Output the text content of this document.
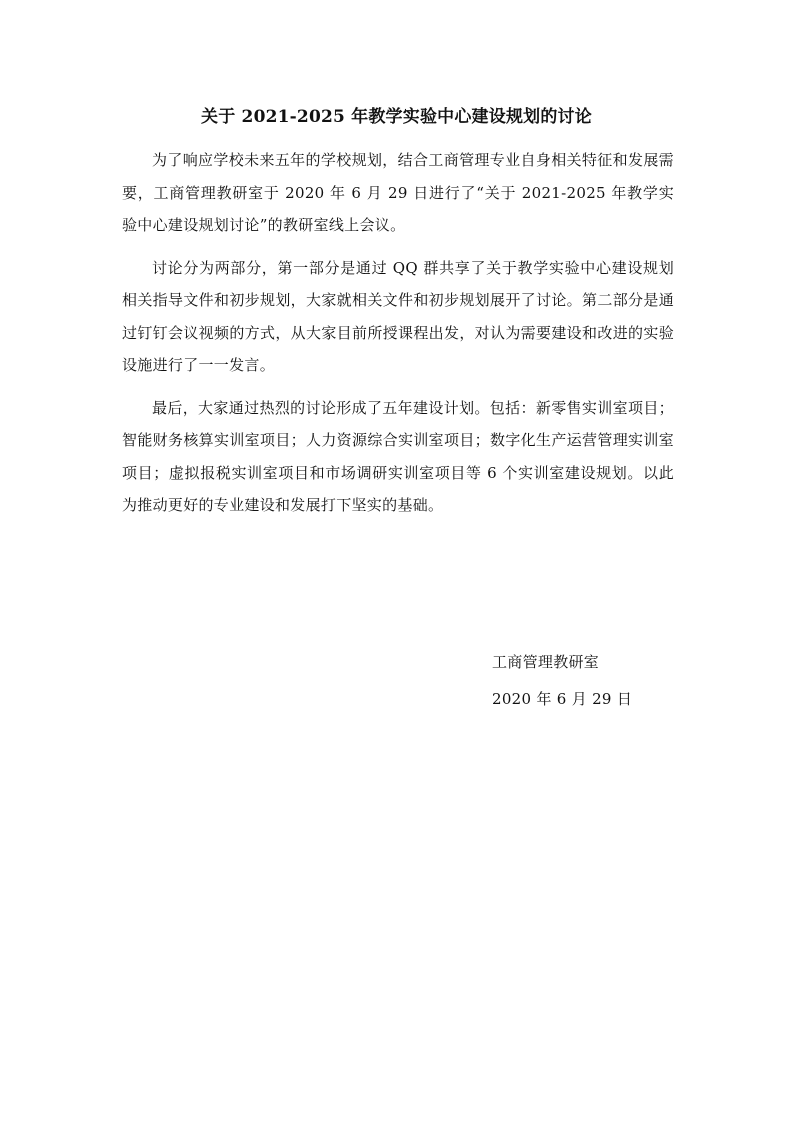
关于 2021-2025 年教学实验中心建设规划的讨论

为了响应学校未来五年的学校规划，结合工商管理专业自身相关特征和发展需要，工商管理教研室于 2020 年 6 月 29 日进行了“关于 2021-2025 年教学实验中心建设规划讨论”的教研室线上会议。

讨论分为两部分，第一部分是通过 QQ 群共享了关于教学实验中心建设规划相关指导文件和初步规划，大家就相关文件和初步规划展开了讨论。第二部分是通过钉钉会议视频的方式，从大家目前所授课程出发，对认为需要建设和改进的实验设施进行了一一发言。

最后，大家通过热烈的讨论形成了五年建设计划。包括：新零售实训室项目；智能财务核算实训室项目；人力资源综合实训室项目；数字化生产运营管理实训室项目；虚拟报税实训室项目和市场调研实训室项目等 6 个实训室建设规划。以此为推动更好的专业建设和发展打下坚实的基础。

工商管理教研室
2020 年 6 月 29 日
